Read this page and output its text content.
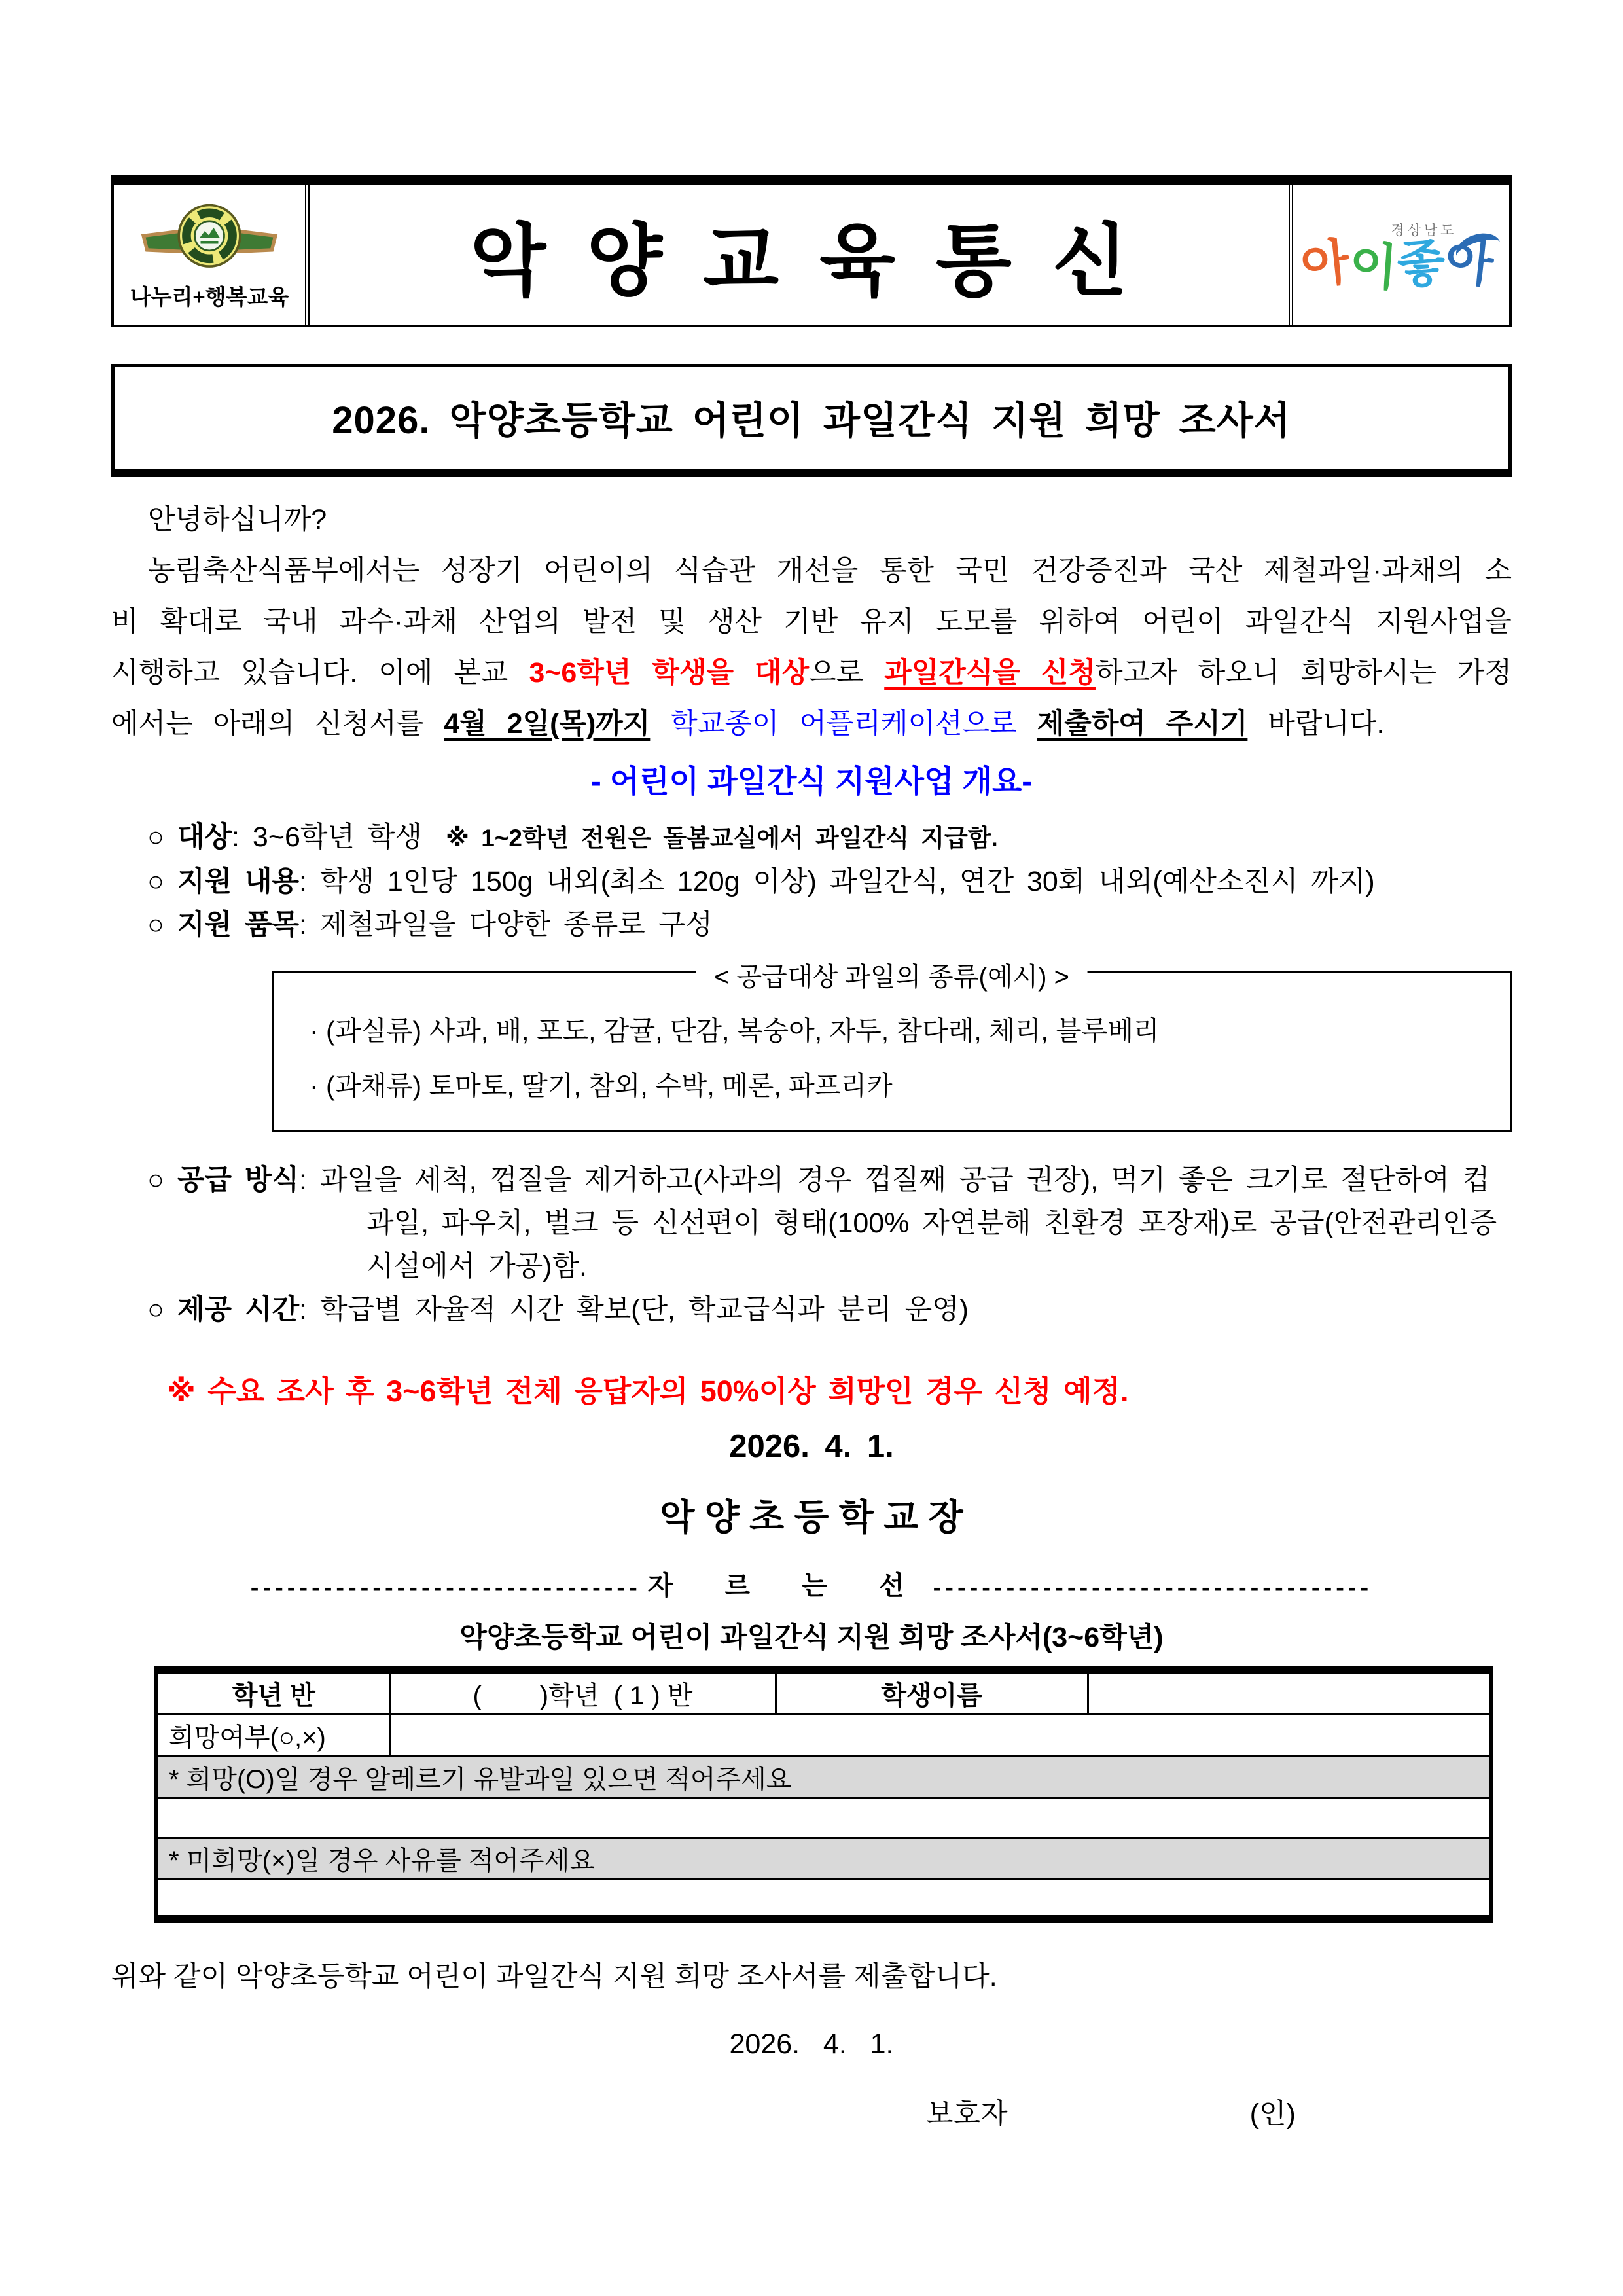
나누리+행복교육	악양교육통신	경상남도
아
이
좋
아
2026. 악양초등학교 어린이 과일간식 지원 희망 조사서

안녕하십니까?

농림축산식품부에서는 성장기 어린이의 식습관 개선을 통한 국민 건강증진과 국산 제철과일·과채의 소비 확대로 국내 과수·과채 산업의 발전 및 생산 기반 유지 도모를 위하여 어린이 과일간식 지원사업을 시행하고 있습니다. 이에 본교 3~6학년 학생을 대상으로 과일간식을 신청하고자 하오니 희망하시는 가정에서는 아래의 신청서를 4월 2일(목)까지 학교종이 어플리케이션으로 제출하여 주시기 바랍니다.

- 어린이 과일간식 지원사업 개요-
○ 대상: 3~6학년 학생 ※ 1~2학년 전원은 돌봄교실에서 과일간식 지급함.
○ 지원 내용: 학생 1인당 150g 내외(최소 120g 이상) 과일간식, 연간 30회 내외(예산소진시 까지)
○ 지원 품목: 제철과일을 다양한 종류로 구성
< 공급대상 과일의 종류(예시) >
· (과실류) 사과, 배, 포도, 감귤, 단감, 복숭아, 자두, 참다래, 체리, 블루베리
· (과채류) 토마토, 딸기, 참외, 수박, 메론, 파프리카
○ 공급 방식: 과일을 세척, 껍질을 제거하고(사과의 경우 껍질째 공급 권장), 먹기 좋은 크기로 절단하여 컵과일, 파우치, 벌크 등 신선편이 형태(100% 자연분해 친환경 포장재)로 공급(안전관리인증 시설에서 가공)함.
○ 제공 시간: 학급별 자율적 시간 확보(단, 학교급식과 분리 운영)
※ 수요 조사 후 3~6학년 전체 응답자의 50%이상 희망인 경우 신청 예정.
2026. 4. 1.
악 양 초 등 학 교 장
-------------------------------- 자 르 는 선 ------------------------------------
악양초등학교 어린이 과일간식 지원 희망 조사서(3~6학년)
학년 반	(        )학년  ( 1 ) 반	학생이름	
희망여부(○,×)			
* 희망(O)일 경우 알레르기 유발과일 있으면 적어주세요			

* 미희망(×)일 경우 사유를 적어주세요			

위와 같이 악양초등학교 어린이 과일간식 지원 희망 조사서를 제출합니다.
2026.   4.   1.
보호자	(인)
